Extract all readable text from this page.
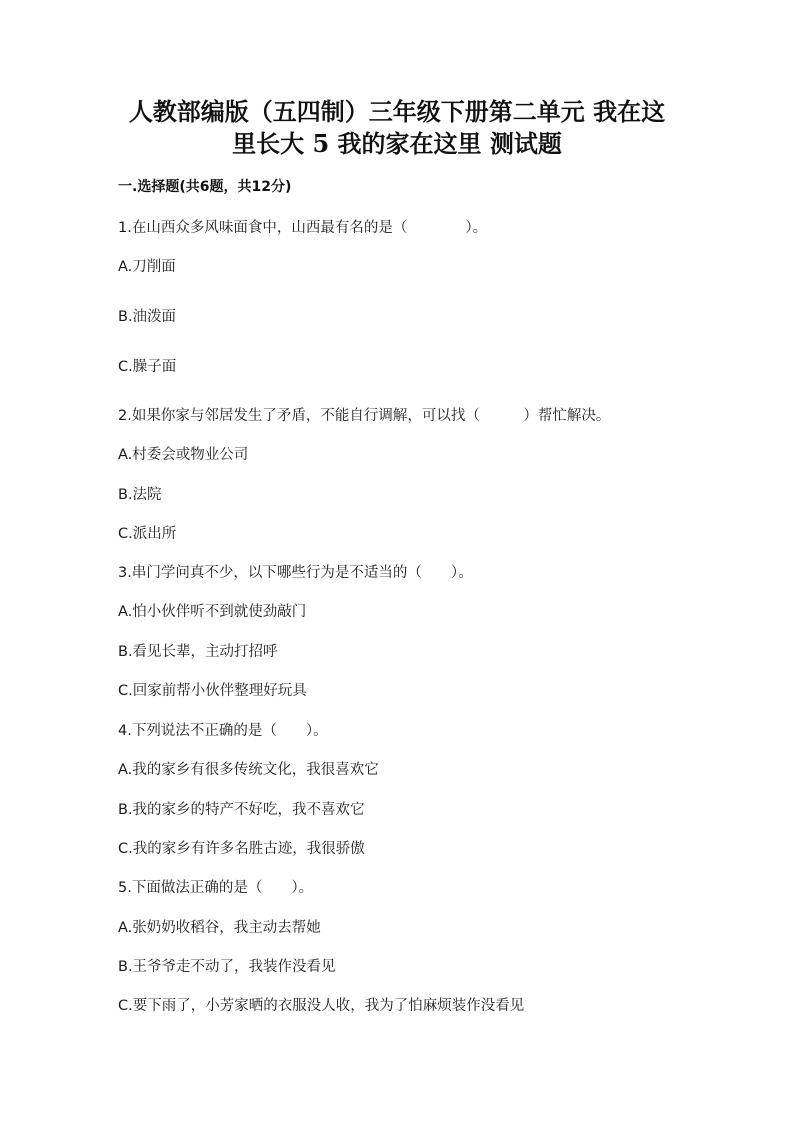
人教部编版（五四制）三年级下册第二单元 我在这
里长大 5 我的家在这里 测试题
一.选择题(共6题，共12分)
1.在山西众多风味面食中，山西最有名的是（　　　　）。
A.刀削面
B.油泼面
C.臊子面
2.如果你家与邻居发生了矛盾，不能自行调解，可以找（　　　）帮忙解决。
A.村委会或物业公司
B.法院
C.派出所
3.串门学问真不少，以下哪些行为是不适当的（　　）。
A.怕小伙伴听不到就使劲敲门
B.看见长辈，主动打招呼
C.回家前帮小伙伴整理好玩具
4.下列说法不正确的是（　　）。
A.我的家乡有很多传统文化，我很喜欢它
B.我的家乡的特产不好吃，我不喜欢它
C.我的家乡有许多名胜古迹，我很骄傲
5.下面做法正确的是（　　）。
A.张奶奶收稻谷，我主动去帮她
B.王爷爷走不动了，我装作没看见
C.要下雨了，小芳家晒的衣服没人收，我为了怕麻烦装作没看见
